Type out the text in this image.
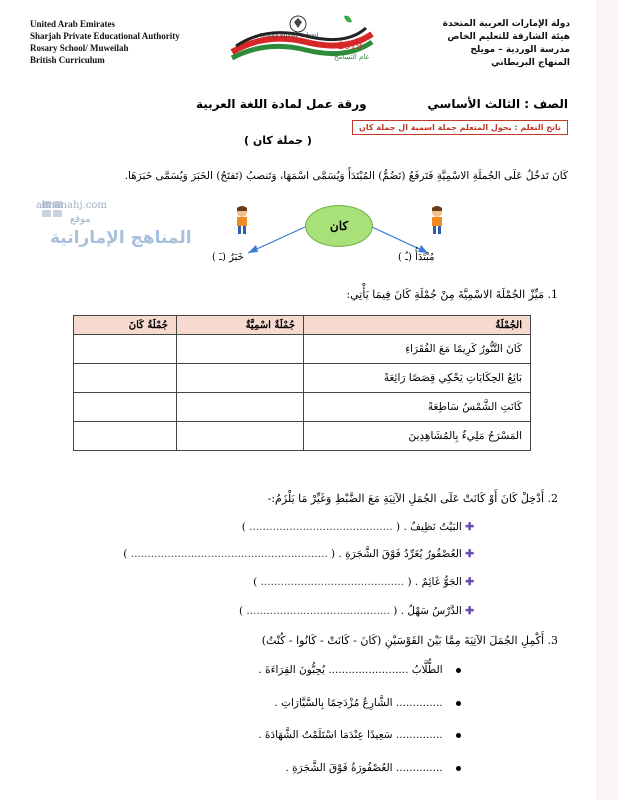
United Arab Emirates
Sharjah Private Educational Authority
Rosary School/ Muweilah
British Curriculum
دولة الإمارات العربية المتحدة
هيئة الشارقة للتعليم الخاص
مدرسة الوردية – مويلح
المنهاج البريطاني
Rosary Private School
2019
عام التسامح
الصف : الثالث الأساسي
ورقة عمل لمادة اللغة العربية
ناتج التعلم : يحول المتعلم جملة اسمية ال جملة كان
( جملة كان )
كَانَ تَدخُلُ عَلَى الجُملَةِ الاسْمِيَّةِ فَتَرفَعُ (تَضُمُّ) المُبْتَدَأَ وَيُسَمَّى اسْمَهَا، وَتَنصبُ (تَفتَحُ) الخَبَرَ وَيُسَمَّى خَبَرَهَا.
almanahj.com
موقع
المناهج الإماراتية
كان
خَبَرُ (ـَ )	مُبْتَدَأُ (ـُ )
1. مَيِّزْ الجُمْلَةَ الاسْمِيَّةَ مِنْ جُمْلَةِ كَانَ فِيمَا يَأْتِي:
الجُمْلَةُ	جُمْلَةٌ اسْمِيَّةٌ	جُمْلَةُ كَانَ
كَانَ التَّنُّورُ كَرِيمًا مَعَ الفُقَرَاءِ		
بَائِعُ الحِكَايَاتِ يَحْكِي قِصَصًا رَائِعَةً		
كَانَتِ الشَّمْسُ سَاطِعَةً		
المَسْرَحُ مَلِيءٌ بِالمُشَاهِدِينَ		
2. أَدْخِلْ كَانَ أَوْ كَانَتْ عَلَى الجُمَلِ الآتِيَةِ مَعَ الضَّبْطِ وَغَيِّرْ مَا يَلْزَمُ:-
✚ البَيْتُ نَظِيفٌ . ( ........................................... )
✚ العُصْفُورُ يُغَرِّدُ فَوْقَ الشَّجَرَةِ . ( ........................................................... )
✚ الجَوُّ غَائِمٌ . ( ........................................... )
✚ الدَّرْسُ سَهْلٌ . ( ........................................... )
3. أَكْمِلِ الجُمَلَ الآتِيَةَ مِمَّا بَيْنَ القَوْسَيْنِ (كَانَ - كَانَتْ - كَانُوا - كُنْتُ)
الطُّلَّابُ ........................ يُحِبُّونَ القِرَاءَةَ .
.............. الشَّارِعُ مُزْدَحِمًا بِالسَّيَّارَاتِ .
.............. سَعِيدًا عِنْدَمَا اسْتَلَمْتُ الشَّهَادَةَ .
.............. العُصْفُورَةُ فَوْقَ الشَّجَرَةِ .
